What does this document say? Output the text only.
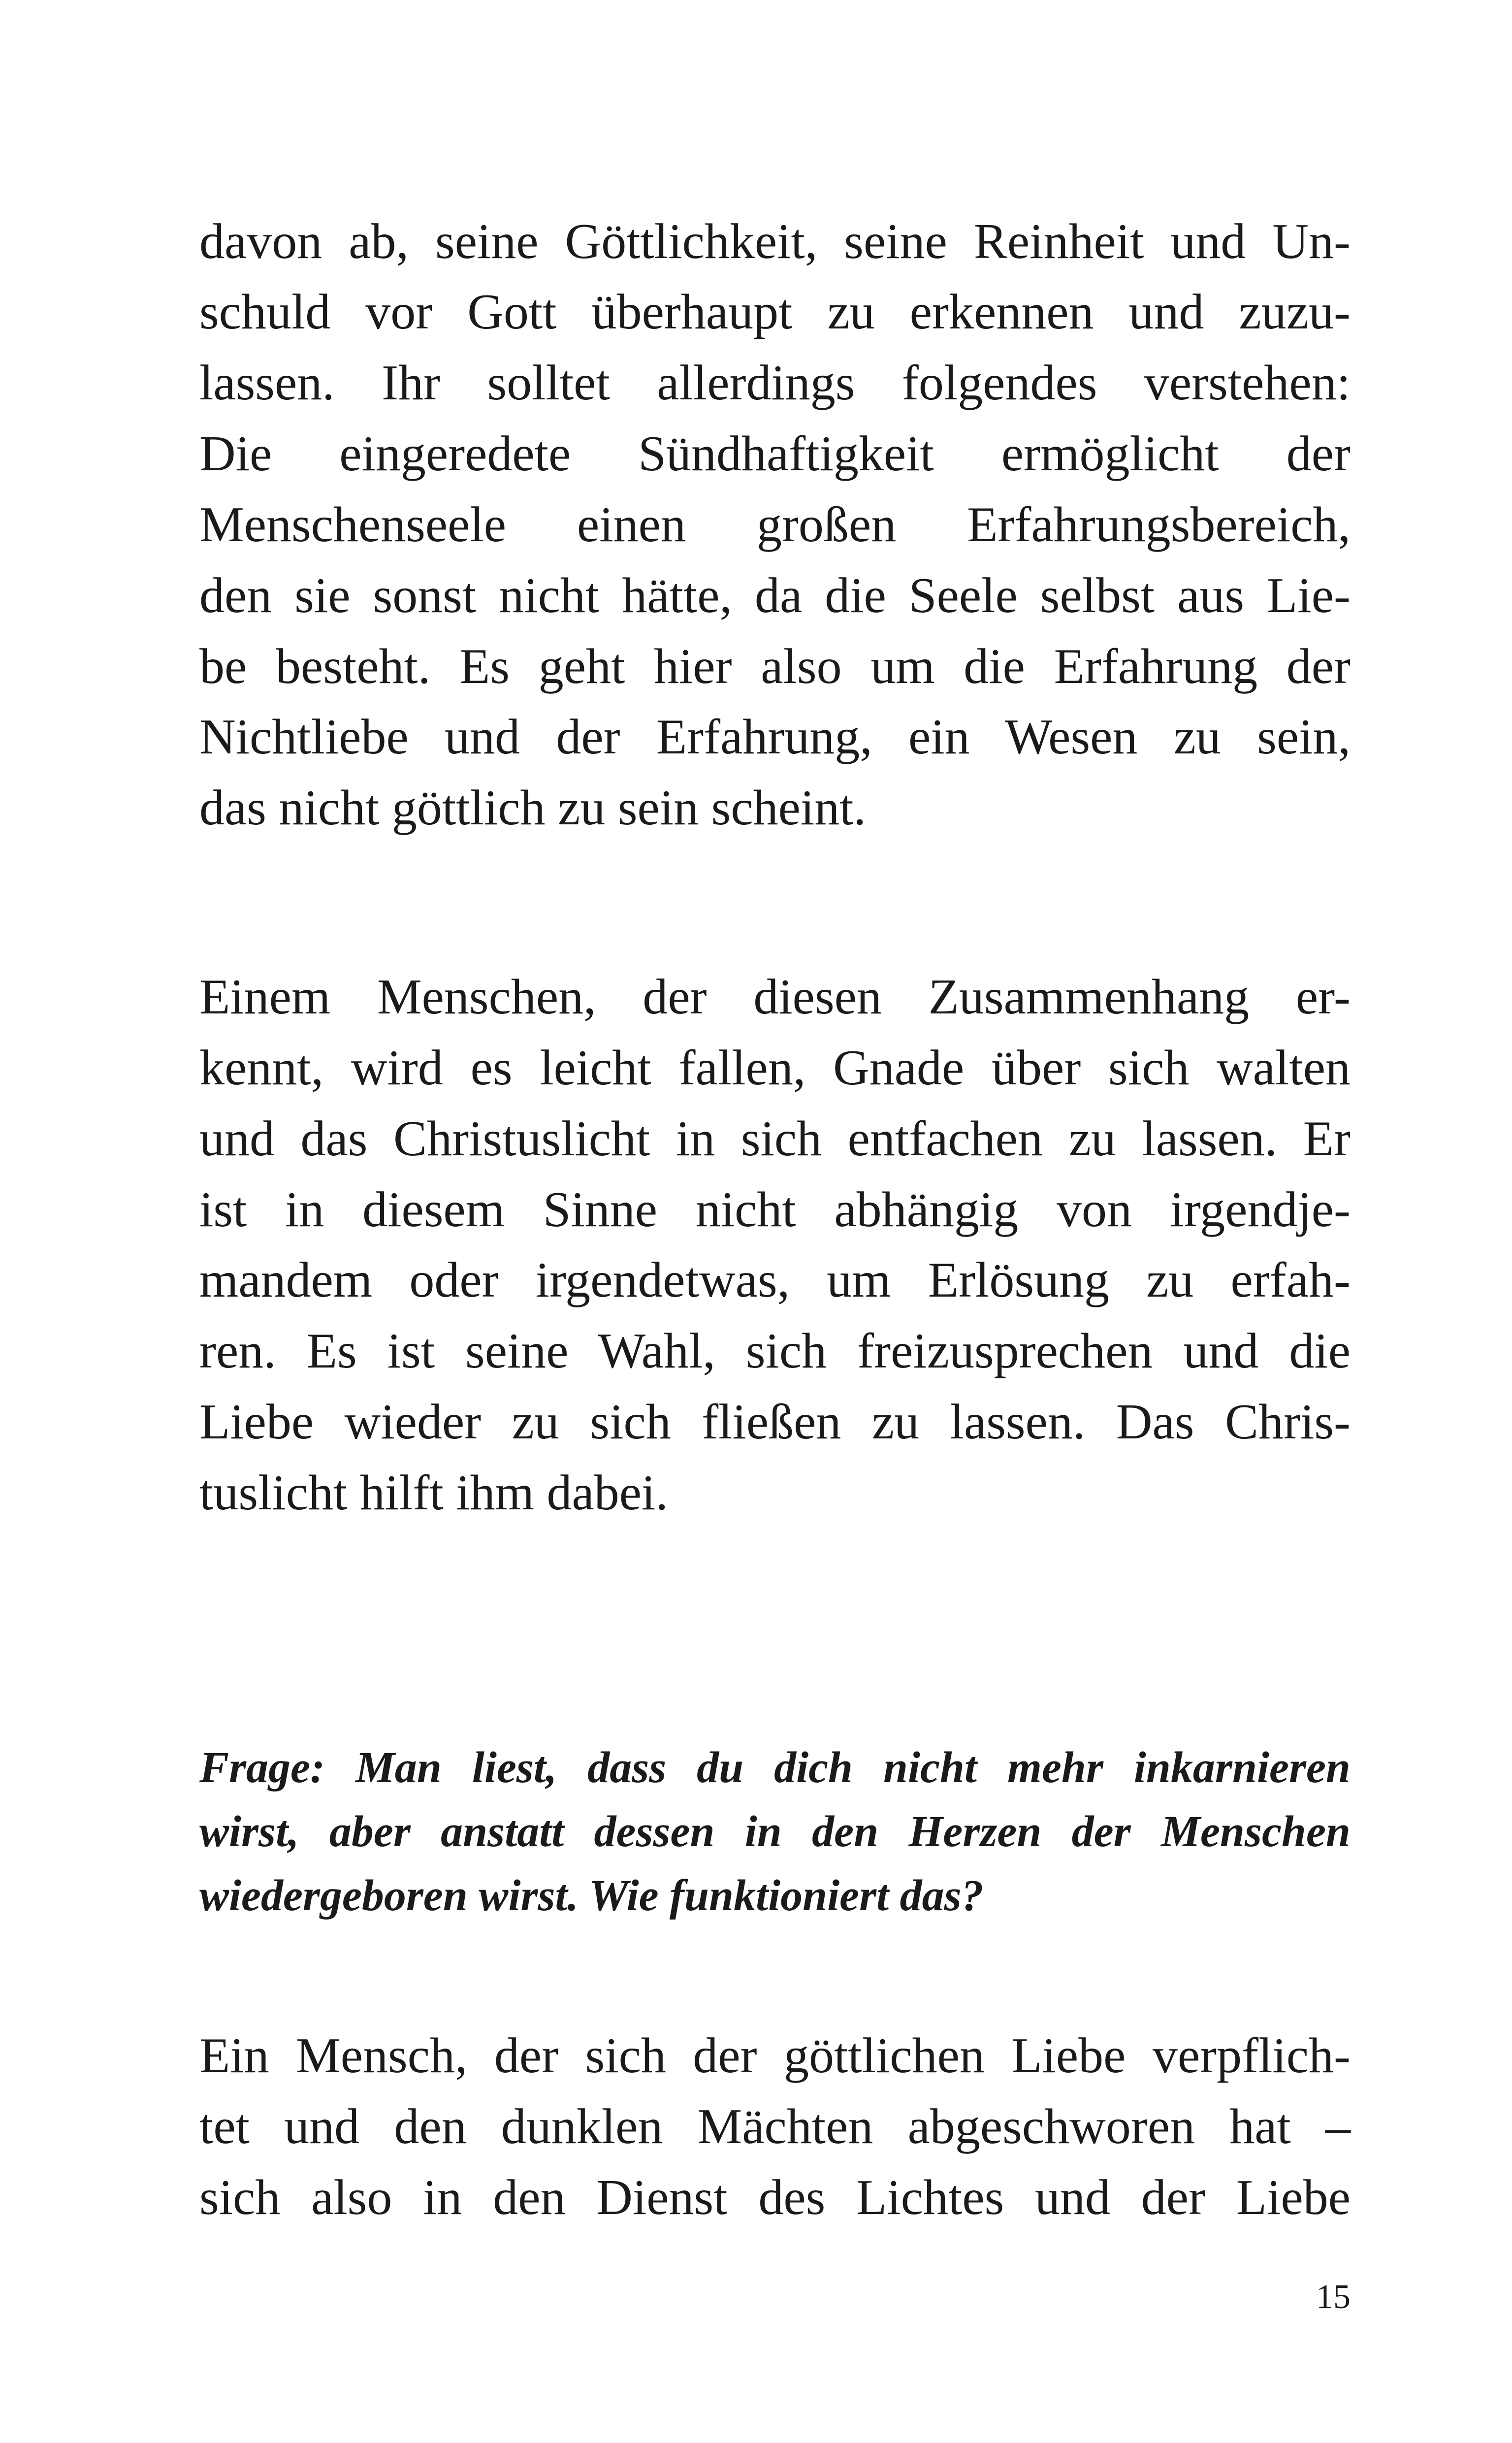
davon ab, seine Göttlichkeit, seine Reinheit und Un-
schuld vor Gott überhaupt zu erkennen und zuzu-
lassen. Ihr solltet allerdings folgendes verstehen:
Die eingeredete Sündhaftigkeit ermöglicht der
Menschenseele einen großen Erfahrungsbereich,
den sie sonst nicht hätte, da die Seele selbst aus Lie-
be besteht. Es geht hier also um die Erfahrung der
Nichtliebe und der Erfahrung, ein Wesen zu sein,
das nicht göttlich zu sein scheint.
Einem Menschen, der diesen Zusammenhang er-
kennt, wird es leicht fallen, Gnade über sich walten
und das Christuslicht in sich entfachen zu lassen. Er
ist in diesem Sinne nicht abhängig von irgendje-
mandem oder irgendetwas, um Erlösung zu erfah-
ren. Es ist seine Wahl, sich freizusprechen und die
Liebe wieder zu sich fließen zu lassen. Das Chris-
tuslicht hilft ihm dabei.
Frage: Man liest, dass du dich nicht mehr inkarnieren
wirst, aber anstatt dessen in den Herzen der Menschen
wiedergeboren wirst. Wie funktioniert das?
Ein Mensch, der sich der göttlichen Liebe verpflich-
tet und den dunklen Mächten abgeschworen hat –
sich also in den Dienst des Lichtes und der Liebe
15
